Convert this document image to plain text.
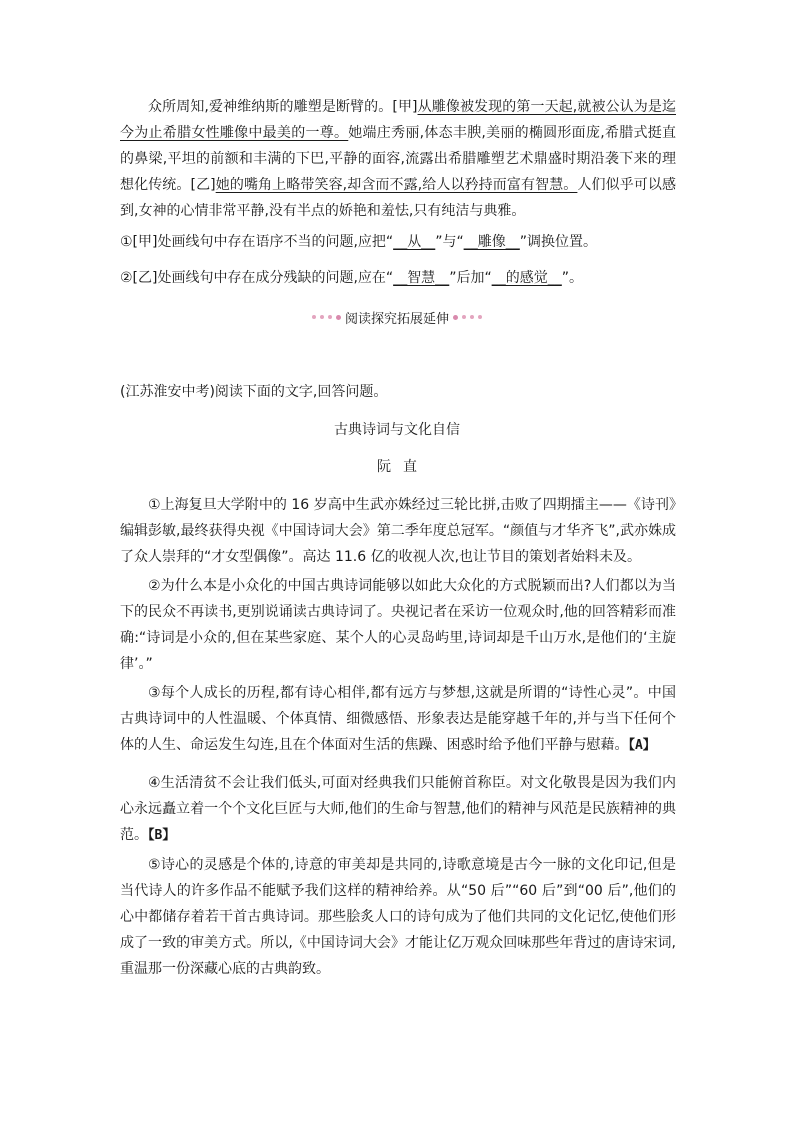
众所周知,爱神维纳斯的雕塑是断臂的。[甲]从雕像被发现的第一天起,就被公认为是迄今为止希腊女性雕像中最美的一尊。她端庄秀丽,体态丰腴,美丽的椭圆形面庞,希腊式挺直的鼻梁,平坦的前额和丰满的下巴,平静的面容,流露出希腊雕塑艺术鼎盛时期沿袭下来的理想化传统。[乙]她的嘴角上略带笑容,却含而不露,给人以矜持而富有智慧。人们似乎可以感到,女神的心情非常平静,没有半点的娇艳和羞怯,只有纯洁与典雅。

①[甲]处画线句中存在语序不当的问题,应把“__从__”与“__雕像__”调换位置。

②[乙]处画线句中存在成分残缺的问题,应在“__智慧__”后加“__的感觉__”。

阅读探究拓展延伸

(江苏淮安中考)阅读下面的文字,回答问题。

古典诗词与文化自信

阮直

①上海复旦大学附中的 16 岁高中生武亦姝经过三轮比拼,击败了四期擂主——《诗刊》编辑彭敏,最终获得央视《中国诗词大会》第二季年度总冠军。“颜值与才华齐飞”,武亦姝成了众人崇拜的“才女型偶像”。高达 11.6 亿的收视人次,也让节目的策划者始料未及。

②为什么本是小众化的中国古典诗词能够以如此大众化的方式脱颖而出?人们都以为当下的民众不再读书,更别说诵读古典诗词了。央视记者在采访一位观众时,他的回答精彩而准确:“诗词是小众的,但在某些家庭、某个人的心灵岛屿里,诗词却是千山万水,是他们的‘主旋律’。”

③每个人成长的历程,都有诗心相伴,都有远方与梦想,这就是所谓的“诗性心灵”。中国古典诗词中的人性温暖、个体真情、细微感悟、形象表达是能穿越千年的,并与当下任何个体的人生、命运发生勾连,且在个体面对生活的焦躁、困惑时给予他们平静与慰藉。【A】

④生活清贫不会让我们低头,可面对经典我们只能俯首称臣。对文化敬畏是因为我们内心永远矗立着一个个文化巨匠与大师,他们的生命与智慧,他们的精神与风范是民族精神的典范。【B】

⑤诗心的灵感是个体的,诗意的审美却是共同的,诗歌意境是古今一脉的文化印记,但是当代诗人的许多作品不能赋予我们这样的精神给养。从“50 后”“60 后”到“00 后”,他们的心中都储存着若干首古典诗词。那些脍炙人口的诗句成为了他们共同的文化记忆,使他们形成了一致的审美方式。所以,《中国诗词大会》才能让亿万观众回味那些年背过的唐诗宋词,重温那一份深藏心底的古典韵致。
